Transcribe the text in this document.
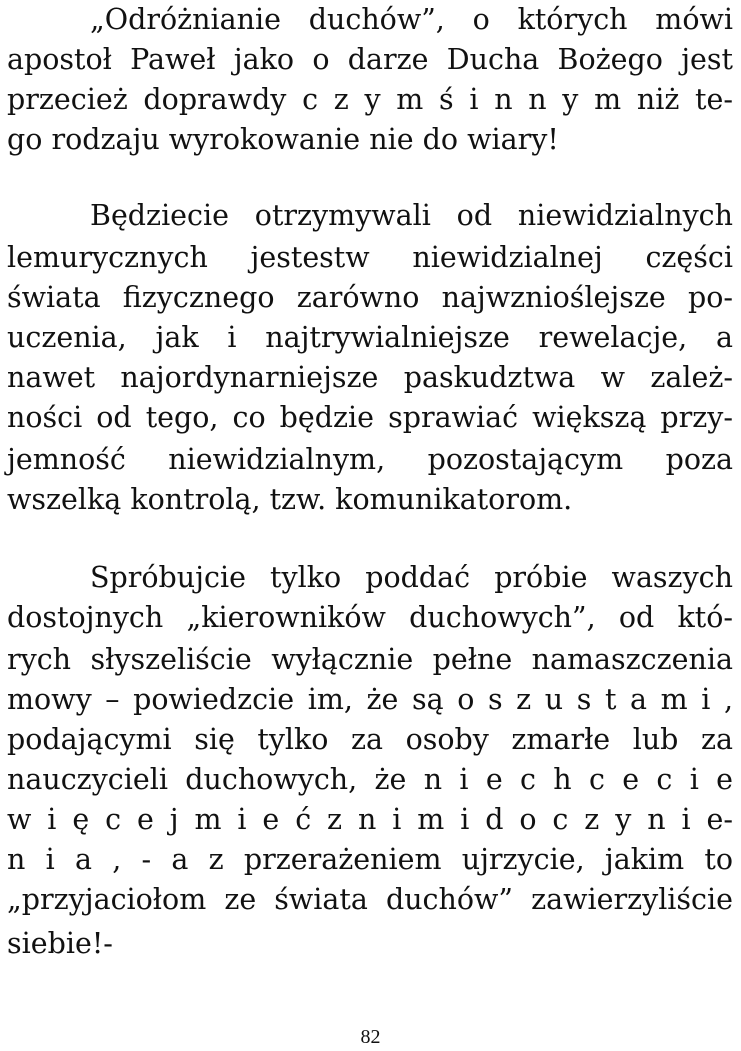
„Odróżnianie duchów”, o których mówi
apostoł Paweł jako o darze Ducha Bożego jest
przecież doprawdy c z y m ś i n n y m niż te-
go rodzaju wyrokowanie nie do wiary!
Będziecie otrzymywali od niewidzialnych
lemurycznych jestestw niewidzialnej części
świata fizycznego zarówno najwznioślejsze po-
uczenia, jak i najtrywialniejsze rewelacje, a
nawet najordynarniejsze paskudztwa w zależ-
ności od tego, co będzie sprawiać większą przy-
jemność niewidzialnym, pozostającym poza
wszelką kontrolą, tzw. komunikatorom.
Spróbujcie tylko poddać próbie waszych
dostojnych „kierowników duchowych”, od któ-
rych słyszeliście wyłącznie pełne namaszczenia
mowy – powiedzcie im, że są o s z u s t a m i ,
podającymi się tylko za osoby zmarłe lub za
nauczycieli duchowych, że n i e c h c e c i e
w i ę c e j m i e ć z n i m i d o c z y n i e-
n i a , - a z przerażeniem ujrzycie, jakim to
„przyjaciołom ze świata duchów” zawierzyliście
siebie!-
82
